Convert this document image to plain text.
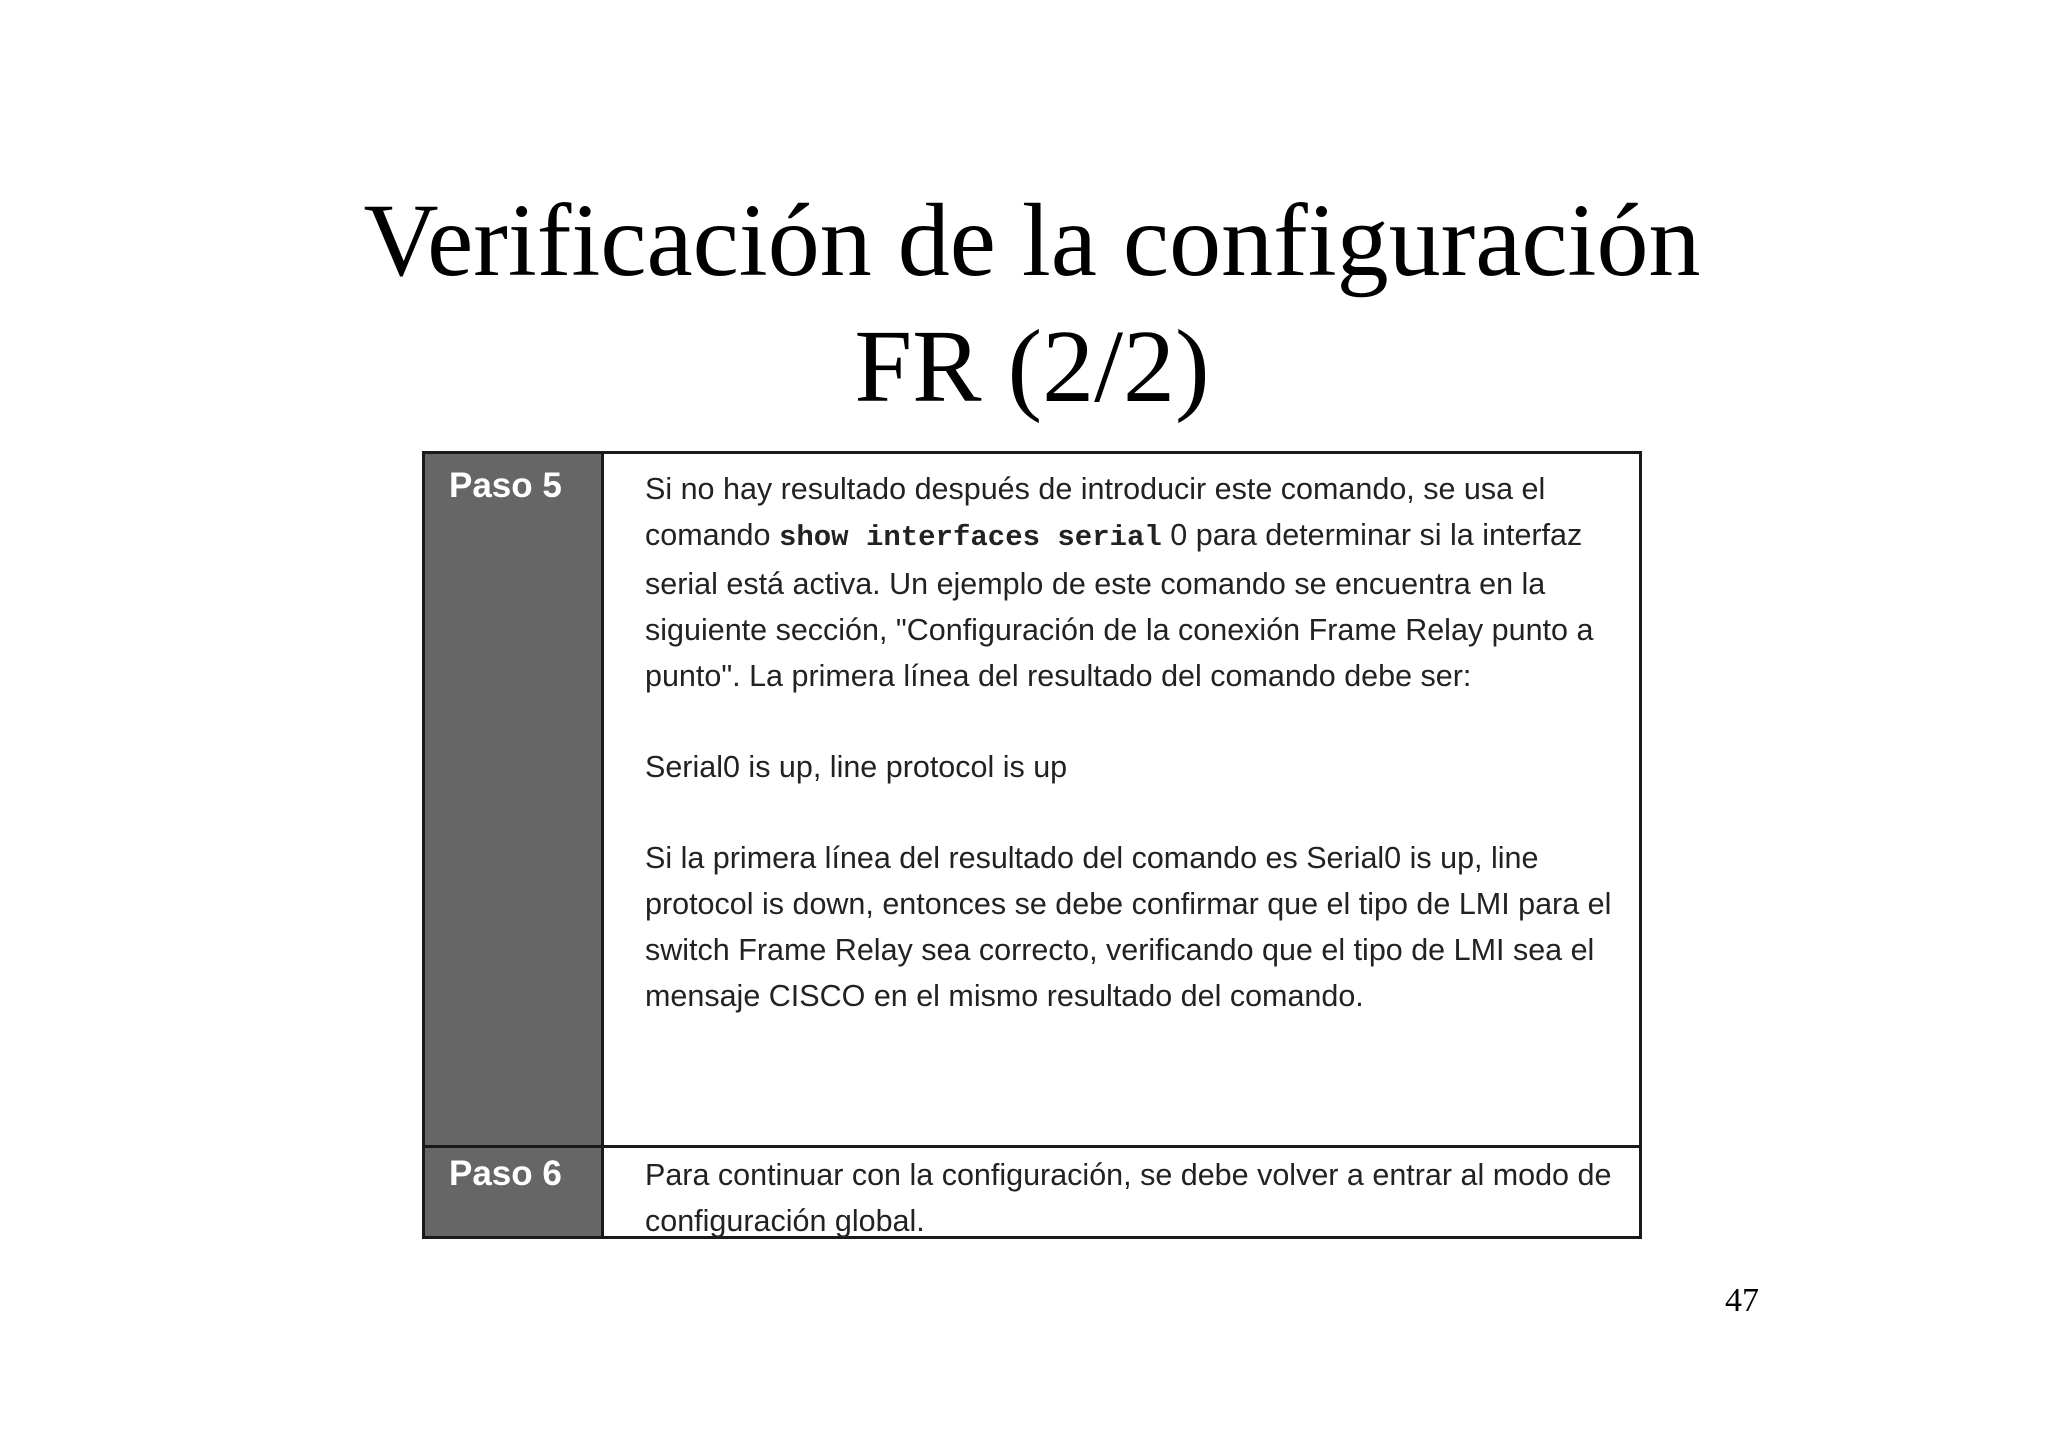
Verificación de la configuración
FR (2/2)
Paso 5	Si no hay resultado después de introducir este comando, se usa el comando show interfaces serial 0 para determinar si la interfaz serial está activa. Un ejemplo de este comando se encuentra en la siguiente sección, "Configuración de la conexión Frame Relay punto a punto". La primera línea del resultado del comando debe ser:

Serial0 is up, line protocol is up

Si la primera línea del resultado del comando es Serial0 is up, line protocol is down, entonces se debe confirmar que el tipo de LMI para el switch Frame Relay sea correcto, verificando que el tipo de LMI sea el mensaje CISCO en el mismo resultado del comando.

Paso 6	Para continuar con la configuración, se debe volver a entrar al modo de configuración global.

47
